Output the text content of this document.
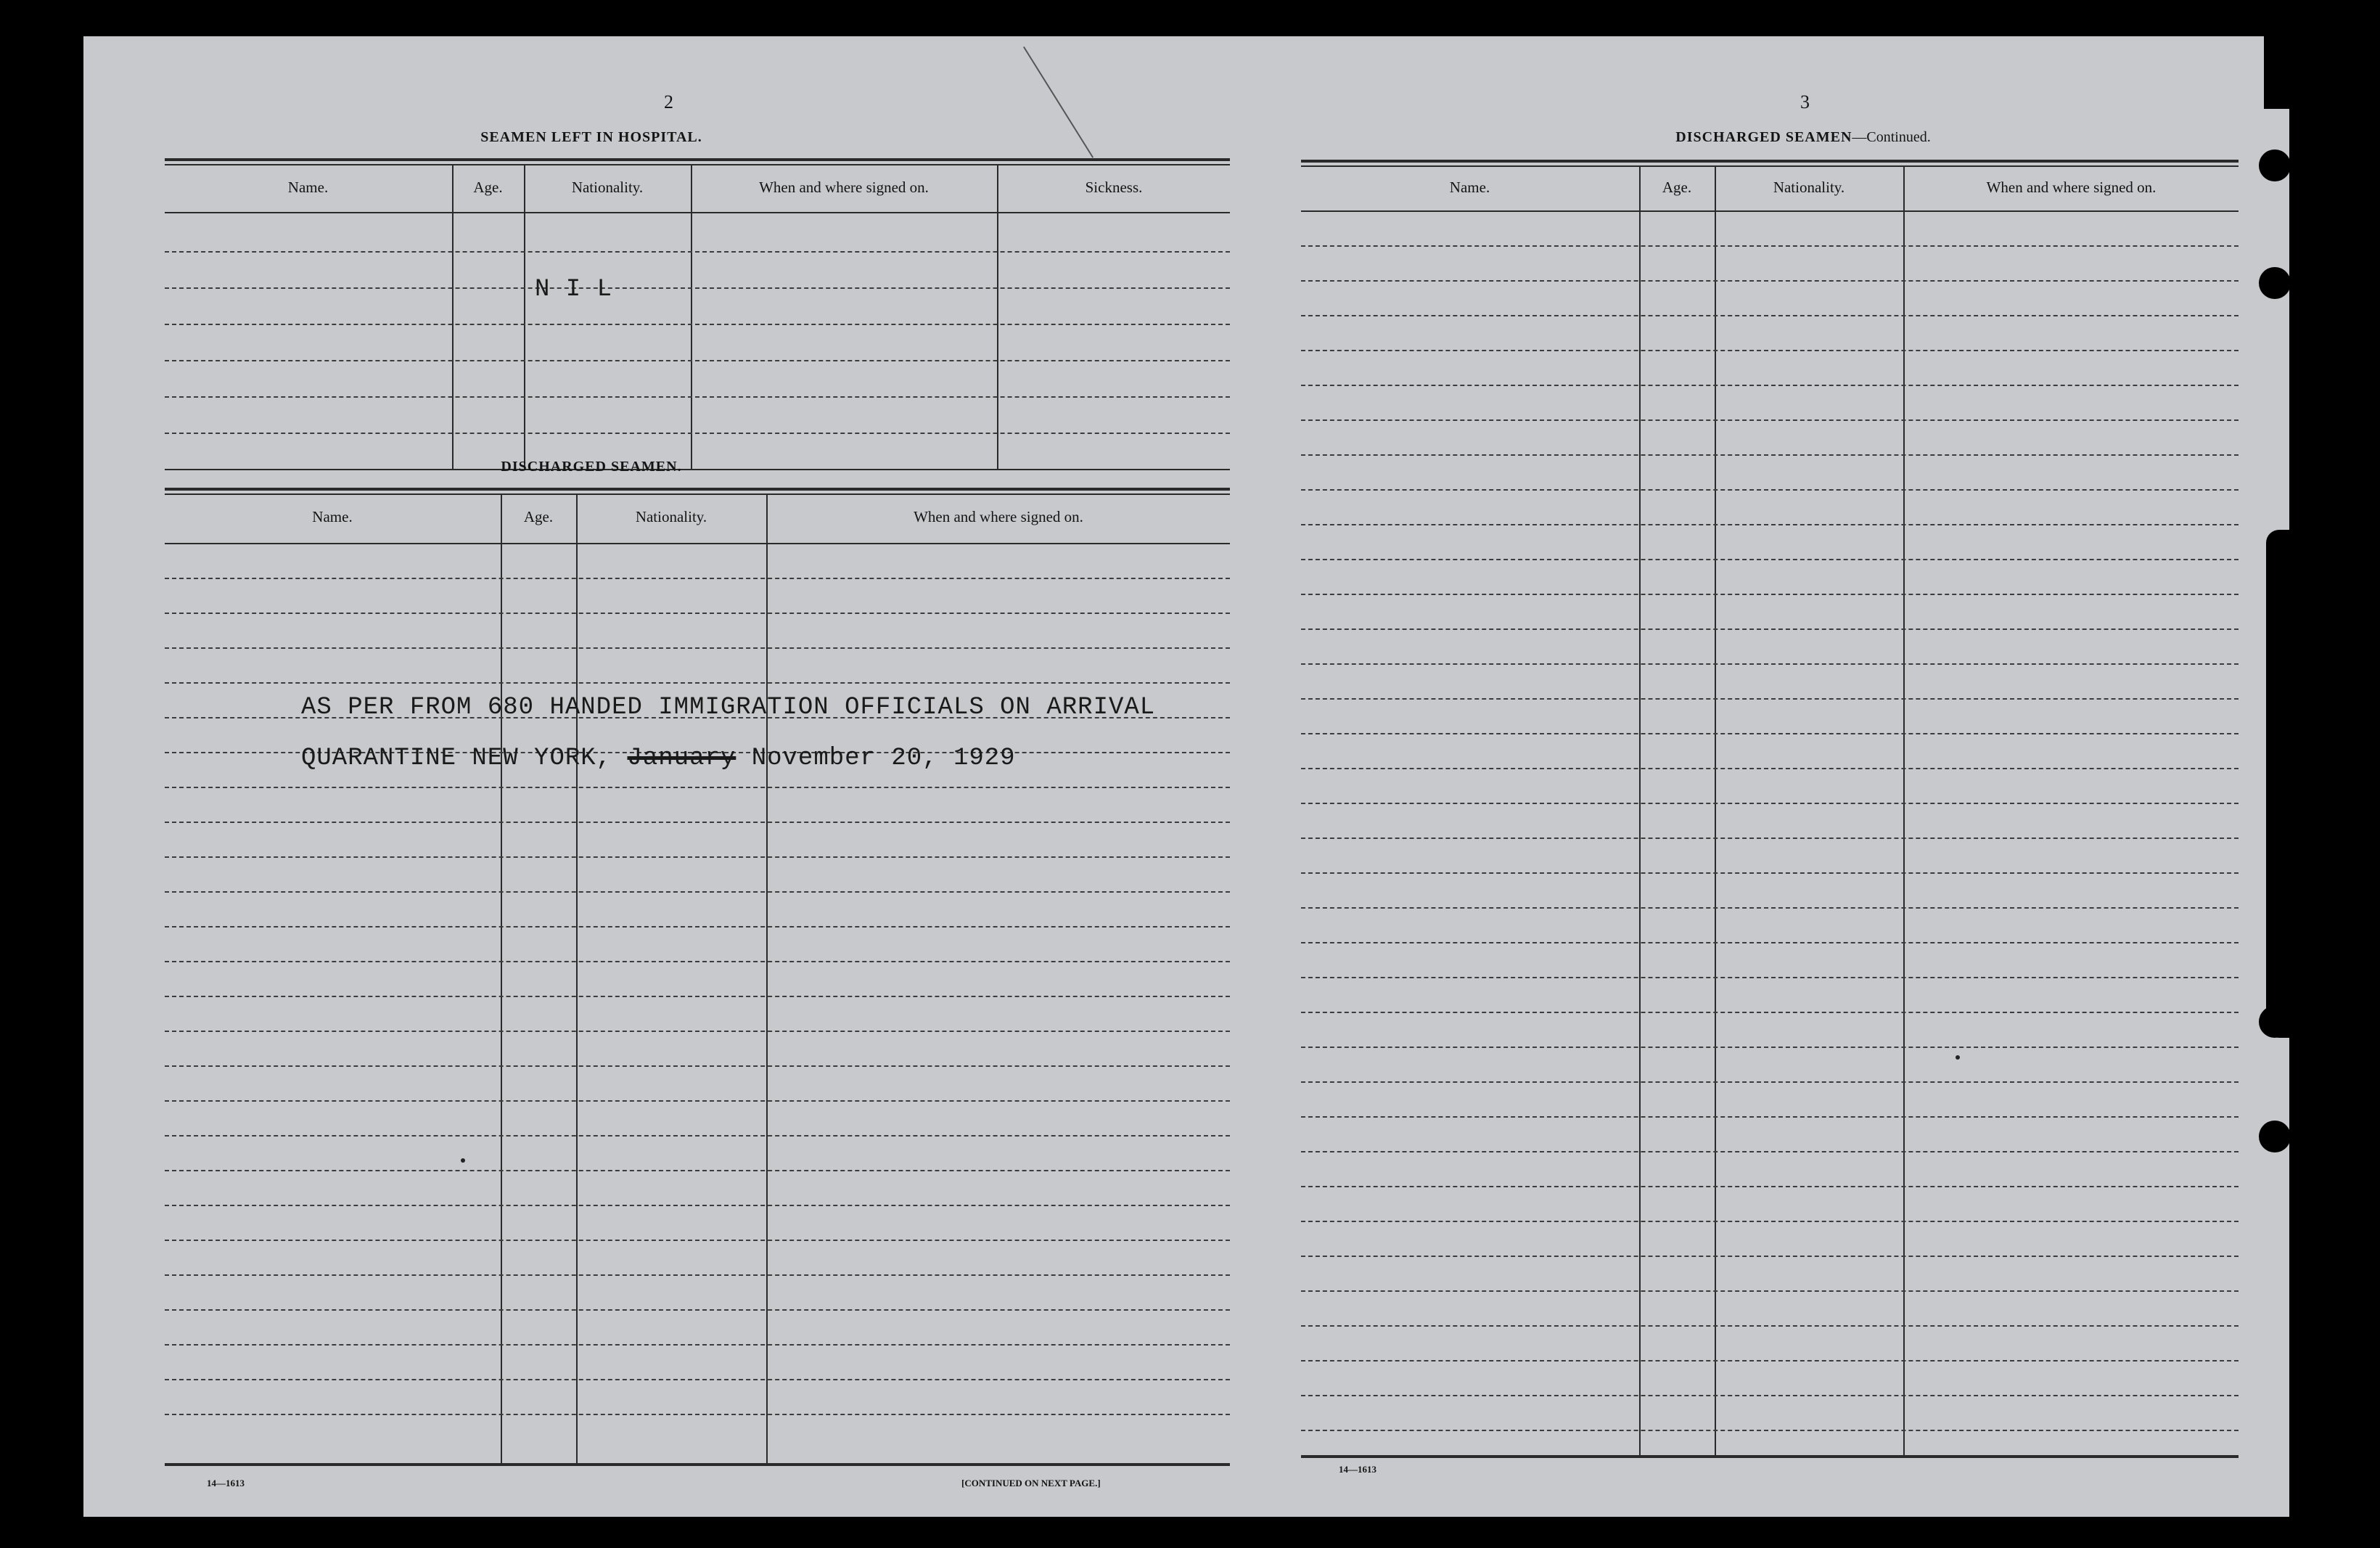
2
SEAMEN LEFT IN HOSPITAL.
Name.	Age.	Nationality.	When and where signed on.	Sickness.
N I L
DISCHARGED SEAMEN.
Name.	Age.	Nationality.	When and where signed on.
AS PER FROM 680 HANDED IMMIGRATION OFFICIALS ON ARRIVAL
QUARANTINE NEW YORK, January November 20, 1929
14—1613	[CONTINUED ON NEXT PAGE.]
3
DISCHARGED SEAMEN—Continued.
Name.	Age.	Nationality.	When and where signed on.
14—1613
